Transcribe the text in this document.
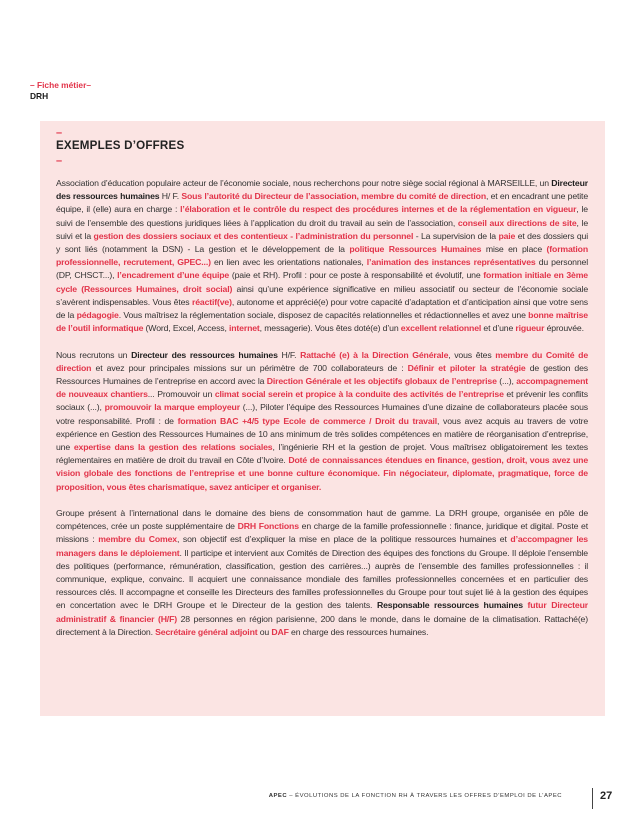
– Fiche métier–
DRH
–
EXEMPLES D’OFFRES
–

Association d’éducation populaire acteur de l’économie sociale, nous recherchons pour notre siège social régional à MARSEILLE, un Directeur des ressources humaines H/ F. Sous l’autorité du Directeur de l’association, membre du comité de direction, et en encadrant une petite équipe, il (elle) aura en charge : l’élaboration et le contrôle du respect des procédures internes et de la réglementation en vigueur, le suivi de l’ensemble des questions juridiques liées à l’application du droit du travail au sein de l’association, conseil aux directions de site, le suivi et la gestion des dossiers sociaux et des contentieux - l’administration du personnel - La supervision de la paie et des dossiers qui y sont liés (notamment la DSN) - La gestion et le développement de la politique Ressources Humaines mise en place (formation professionnelle, recrutement, GPEC...) en lien avec les orientations nationales, l’animation des instances représentatives du personnel (DP, CHSCT...), l’encadrement d’une équipe (paie et RH). Profil : pour ce poste à responsabilité et évolutif, une formation initiale en 3ème cycle (Ressources Humaines, droit social) ainsi qu’une expérience significative en milieu associatif ou secteur de l’économie sociale s’avèrent indispensables. Vous êtes réactif(ve), autonome et apprécié(e) pour votre capacité d’adaptation et d’anticipation ainsi que votre sens de la pédagogie. Vous maîtrisez la réglementation sociale, disposez de capacités relationnelles et rédactionnelles et avez une bonne maîtrise de l’outil informatique (Word, Excel, Access, internet, messagerie). Vous êtes doté(e) d’un excellent relationnel et d’une rigueur éprouvée.

Nous recrutons un Directeur des ressources humaines H/F. Rattaché (e) à la Direction Générale, vous êtes membre du Comité de direction et avez pour principales missions sur un périmètre de 700 collaborateurs de : Définir et piloter la stratégie de gestion des Ressources Humaines de l’entreprise en accord avec la Direction Générale et les objectifs globaux de l’entreprise (...), accompagnement de nouveaux chantiers... Promouvoir un climat social serein et propice à la conduite des activités de l’entreprise et prévenir les conflits sociaux (...), promouvoir la marque employeur (...), Piloter l’équipe des Ressources Humaines d’une dizaine de collaborateurs placée sous votre responsabilité. Profil : de formation BAC +4/5 type Ecole de commerce / Droit du travail, vous avez acquis au travers de votre expérience en Gestion des Ressources Humaines de 10 ans minimum de très solides compétences en matière de réorganisation d’entreprise, une expertise dans la gestion des relations sociales, l’ingénierie RH et la gestion de projet. Vous maîtrisez obligatoirement les textes réglementaires en matière de droit du travail en Côte d’Ivoire. Doté de connaissances étendues en finance, gestion, droit, vous avez une vision globale des fonctions de l’entreprise et une bonne culture économique. Fin négociateur, diplomate, pragmatique, force de proposition, vous êtes charismatique, savez anticiper et organiser.

Groupe présent à l’international dans le domaine des biens de consommation haut de gamme. La DRH groupe, organisée en pôle de compétences, crée un poste supplémentaire de DRH Fonctions en charge de la famille professionnelle : finance, juridique et digital. Poste et missions : membre du Comex, son objectif est d’expliquer la mise en place de la politique ressources humaines et d’accompagner les managers dans le déploiement. Il participe et intervient aux Comités de Direction des équipes des fonctions du Groupe. Il déploie l’ensemble des politiques (performance, rémunération, classification, gestion des carrières...) auprès de l’ensemble des familles professionnelles : il communique, explique, convainc. Il acquiert une connaissance mondiale des familles professionnelles concernées et en particulier des ressources clés. Il accompagne et conseille les Directeurs des familles professionnelles du Groupe pour tout sujet lié à la gestion des équipes en concertation avec le DRH Groupe et le Directeur de la gestion des talents. Responsable ressources humaines futur Directeur administratif & financier (H/F) 28 personnes en région parisienne, 200 dans le monde, dans le domaine de la climatisation. Rattaché(e) directement à la Direction. Secrétaire général adjoint ou DAF en charge des ressources humaines.

APEC – ÉVOLUTIONS DE LA FONCTION RH À TRAVERS LES OFFRES D’EMPLOI DE L’APEC	27
